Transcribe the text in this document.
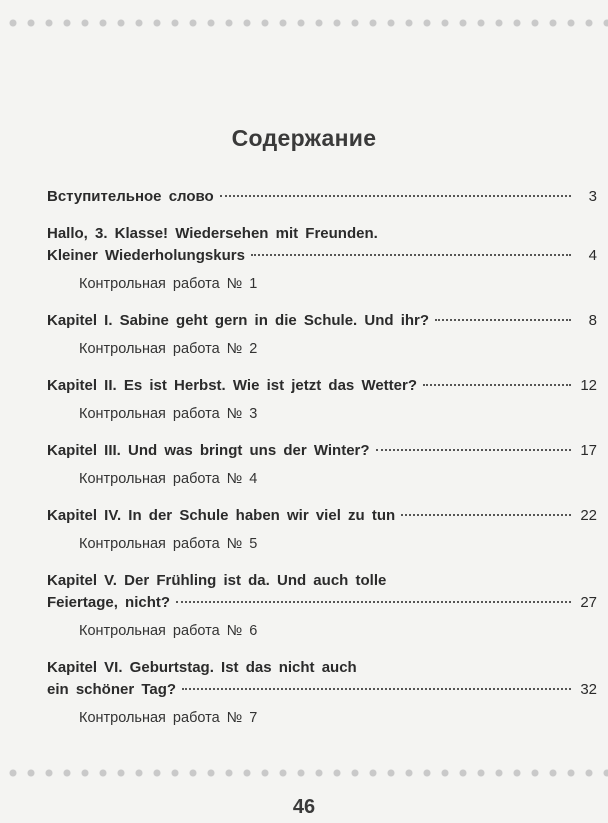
Содержание
Вступительное слово	3
Hallo, 3. Klasse! Wiedersehen mit Freunden.
Kleiner Wiederholungskurs	4
Контрольная работа № 1
Kapitel I. Sabine geht gern in die Schule. Und ihr?	8
Контрольная работа № 2
Kapitel II. Es ist Herbst. Wie ist jetzt das Wetter?	12
Контрольная работа № 3
Kapitel III. Und was bringt uns der Winter?	17
Контрольная работа № 4
Kapitel IV. In der Schule haben wir viel zu tun	22
Контрольная работа № 5
Kapitel V. Der Frühling ist da. Und auch tolle
Feiertage, nicht?	27
Контрольная работа № 6
Kapitel VI. Geburtstag. Ist das nicht auch
ein schöner Tag?	32
Контрольная работа № 7
46
